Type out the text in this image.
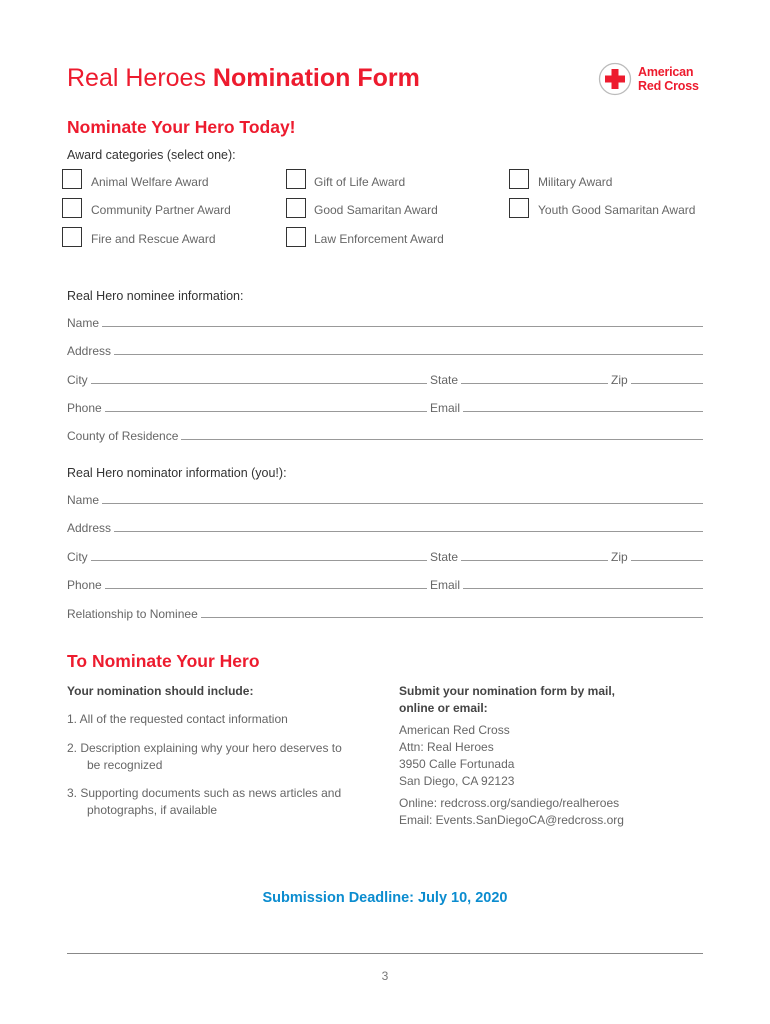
Real Heroes Nomination Form	American
Red Cross
Nominate Your Hero Today!
Award categories (select one):
Animal Welfare Award
Community Partner Award
Fire and Rescue Award
Gift of Life Award
Good Samaritan Award
Law Enforcement Award
Military Award
Youth Good Samaritan Award
Real Hero nominee information:
Name
Address
City	State	Zip
Phone	Email
County of Residence
Real Hero nominator information (you!):
Name
Address
City	State	Zip
Phone	Email
Relationship to Nominee
To Nominate Your Hero
Your nomination should include:
1. All of the requested contact information
2. Description explaining why your hero deserves to
be recognized
3. Supporting documents such as news articles and
photographs, if available
Submit your nomination form by mail,
online or email:
American Red Cross
Attn: Real Heroes
3950 Calle Fortunada
San Diego, CA 92123
Online: redcross.org/sandiego/realheroes
Email: Events.SanDiegoCA@redcross.org
Submission Deadline: July 10, 2020
3
